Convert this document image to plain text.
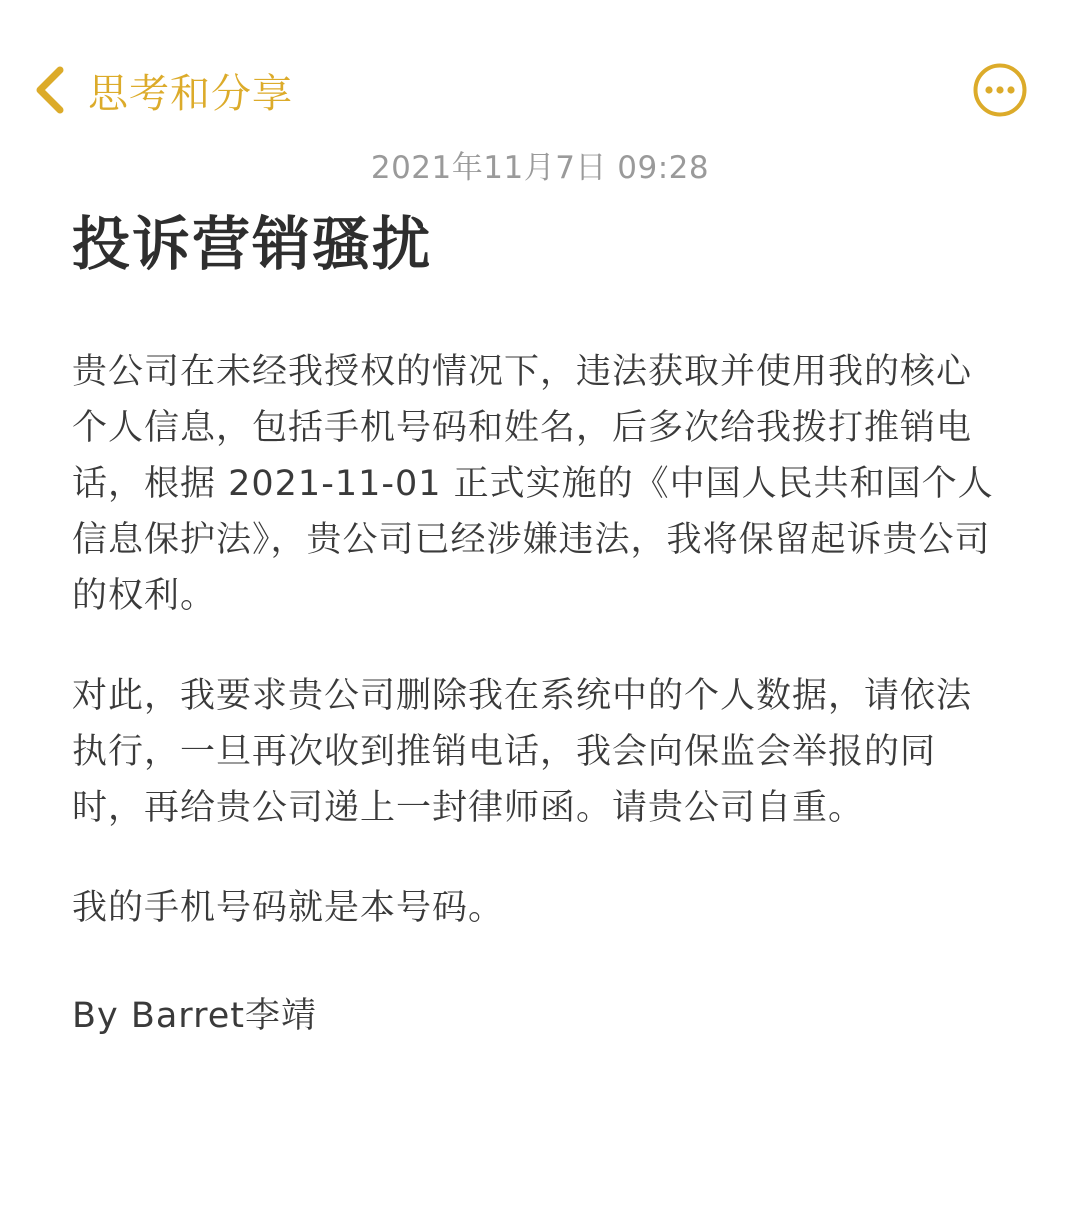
思考和分享
2021年11月7日 09:28
投诉营销骚扰

贵公司在未经我授权的情况下，违法获取并使用我的核心个人信息，包括手机号码和姓名，后多次给我拨打推销电话，根据 2021-11-01 正式实施的《中国人民共和国个人信息保护法》，贵公司已经涉嫌违法，我将保留起诉贵公司的权利。

对此，我要求贵公司删除我在系统中的个人数据，请依法执行，一旦再次收到推销电话，我会向保监会举报的同时，再给贵公司递上一封律师函。请贵公司自重。

我的手机号码就是本号码。

By Barret李靖
